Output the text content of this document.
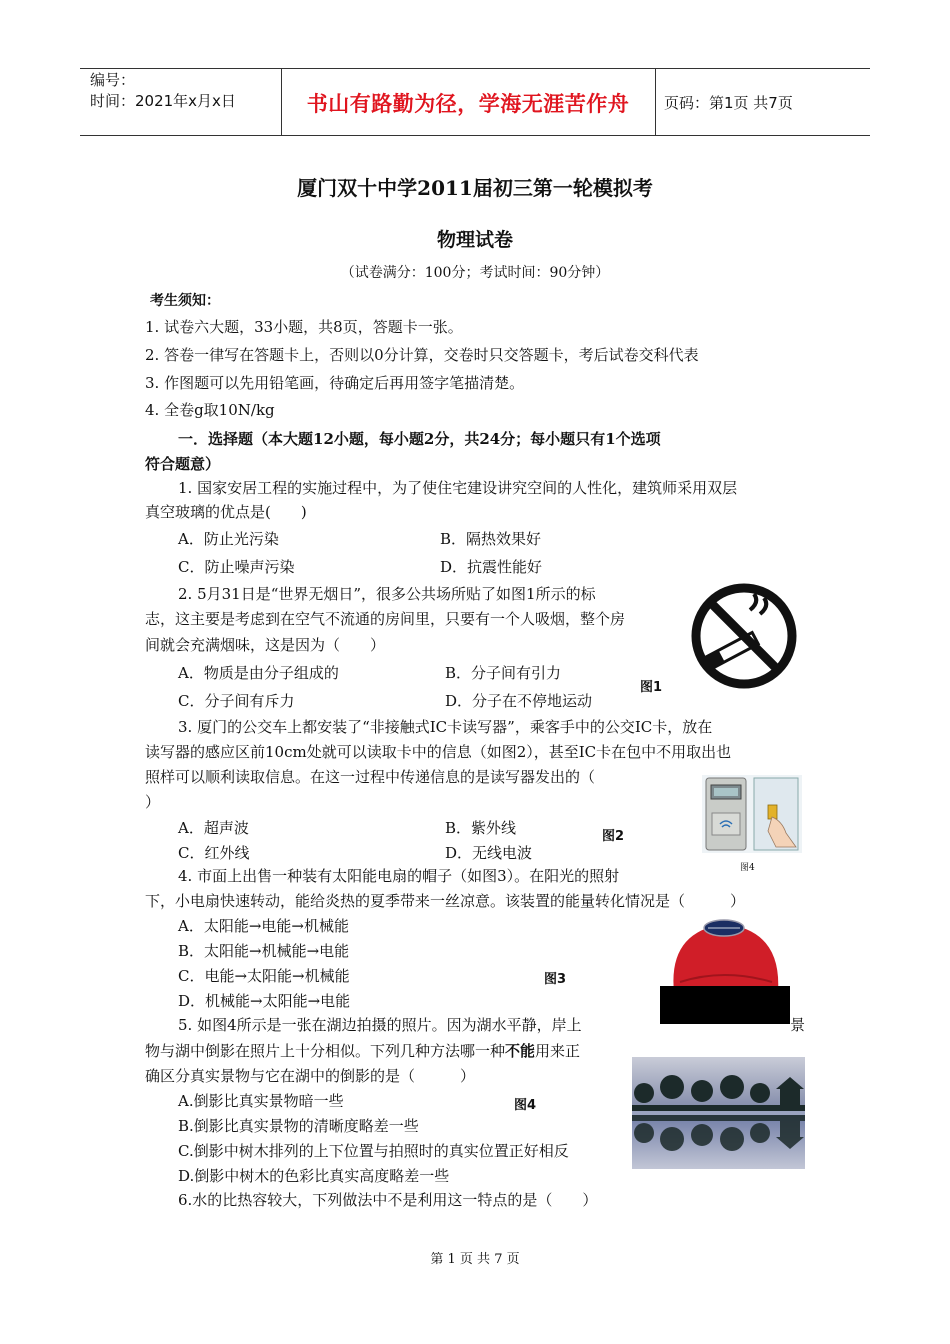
编号：
时间：2021年x月x日	书山有路勤为径，学海无涯苦作舟	页码：第1页 共7页
厦门双十中学2011届初三第一轮模拟考
物理试卷
（试卷满分：100分；考试时间：90分钟）
考生须知：
1. 试卷六大题，33小题，共8页，答题卡一张。
2. 答卷一律写在答题卡上，否则以0分计算，交卷时只交答题卡，考后试卷交科代表
3. 作图题可以先用铅笔画，待确定后再用签字笔描清楚。
4. 全卷g取10N/kg
一．选择题（本大题12小题，每小题2分，共24分；每小题只有1个选项
符合题意）
1. 国家安居工程的实施过程中，为了使住宅建设讲究空间的人性化，建筑师采用双层
真空玻璃的优点是(　　)
A．防止光污染	B．隔热效果好
C．防止噪声污染	D．抗震性能好
2. 5月31日是“世界无烟日”，很多公共场所贴了如图1所示的标
志，这主要是考虑到在空气不流通的房间里，只要有一个人吸烟，整个房
间就会充满烟味，这是因为（　　）
A．物质是由分子组成的	B．分子间有引力
C．分子间有斥力	D．分子在不停地运动
图1
3. 厦门的公交车上都安装了“非接触式IC卡读写器”，乘客手中的公交IC卡，放在
读写器的感应区前10cm处就可以读取卡中的信息（如图2），甚至IC卡在包中不用取出也
照样可以顺利读取信息。在这一过程中传递信息的是读写器发出的（
）
A．超声波	B．紫外线
C．红外线	D．无线电波
图2
图4
4. 市面上出售一种装有太阳能电扇的帽子（如图3）。在阳光的照射
下，小电扇快速转动，能给炎热的夏季带来一丝凉意。该装置的能量转化情况是（　　　）
A．太阳能→电能→机械能
B．太阳能→机械能→电能
C．电能→太阳能→机械能
D．机械能→太阳能→电能
图3
5. 如图4所示是一张在湖边拍摄的照片。因为湖水平静，岸上	景
物与湖中倒影在照片上十分相似。下列几种方法哪一种不能用来正
确区分真实景物与它在湖中的倒影的是（　　　）
A.倒影比真实景物暗一些
B.倒影比真实景物的清晰度略差一些
C.倒影中树木排列的上下位置与拍照时的真实位置正好相反
D.倒影中树木的色彩比真实高度略差一些
图4
6.水的比热容较大，下列做法中不是利用这一特点的是（　　）
第 1 页 共 7 页
